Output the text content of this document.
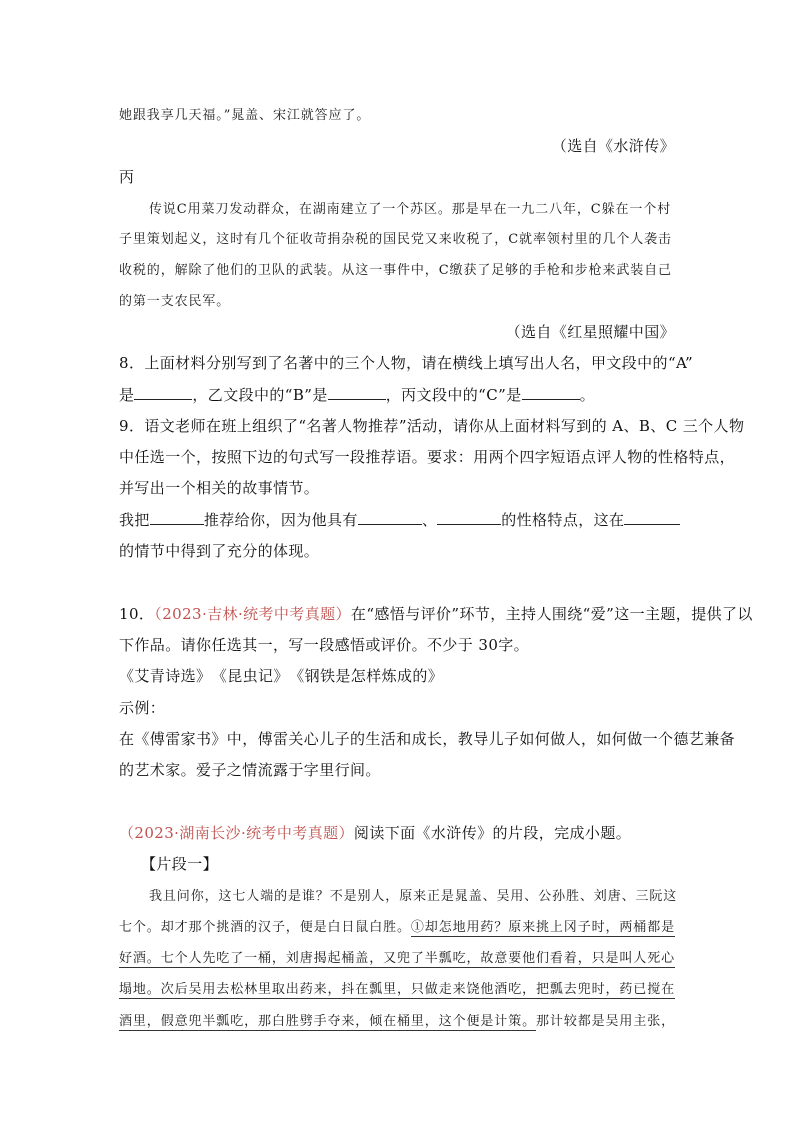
她跟我享几天福。”晁盖、宋江就答应了。
（选自《水浒传》
丙
传说C用菜刀发动群众，在湖南建立了一个苏区。那是早在一九二八年，C躲在一个村
子里策划起义，这时有几个征收苛捐杂税的国民党又来收税了，C就率领村里的几个人袭击
收税的，解除了他们的卫队的武装。从这一事件中，C缴获了足够的手枪和步枪来武装自己
的第一支农民军。
（选自《红星照耀中国》
8．上面材料分别写到了名著中的三个人物，请在横线上填写出人名，甲文段中的“A”
是	，乙文段中的“B”是	，丙文段中的“C”是	。
9．语文老师在班上组织了“名著人物推荐”活动，请你从上面材料写到的 A、B、C 三个人物
中任选一个，按照下边的句式写一段推荐语。要求：用两个四字短语点评人物的性格特点，
并写出一个相关的故事情节。
我把	推荐给你，因为他具有	、	的性格特点，这在
的情节中得到了充分的体现。
10．（2023·吉林·统考中考真题）在“感悟与评价”环节，主持人围绕“爱”这一主题，提供了以
下作品。请你任选其一，写一段感悟或评价。不少于 30字。
《艾青诗选》　《昆虫记》　《钢铁是怎样炼成的》
示例：
在《傅雷家书》中，傅雷关心儿子的生活和成长，教导儿子如何做人，如何做一个德艺兼备
的艺术家。爱子之情流露于字里行间。
（2023·湖南长沙·统考中考真题）阅读下面《水浒传》的片段，完成小题。
【片段一】
我且问你，这七人端的是谁？不是别人，原来正是晁盖、吴用、公孙胜、刘唐、三阮这
七个。却才那个挑酒的汉子，便是白日鼠白胜。①却怎地用药？原来挑上冈子时，两桶都是
好酒。七个人先吃了一桶，刘唐揭起桶盖，又兜了半瓢吃，故意要他们看着，只是叫人死心
塌地。次后吴用去松林里取出药来，抖在瓢里，只做走来饶他酒吃，把瓢去兜时，药已搅在
酒里，假意兜半瓢吃，那白胜劈手夺来，倾在桶里，这个便是计策。那计较都是吴用主张，
